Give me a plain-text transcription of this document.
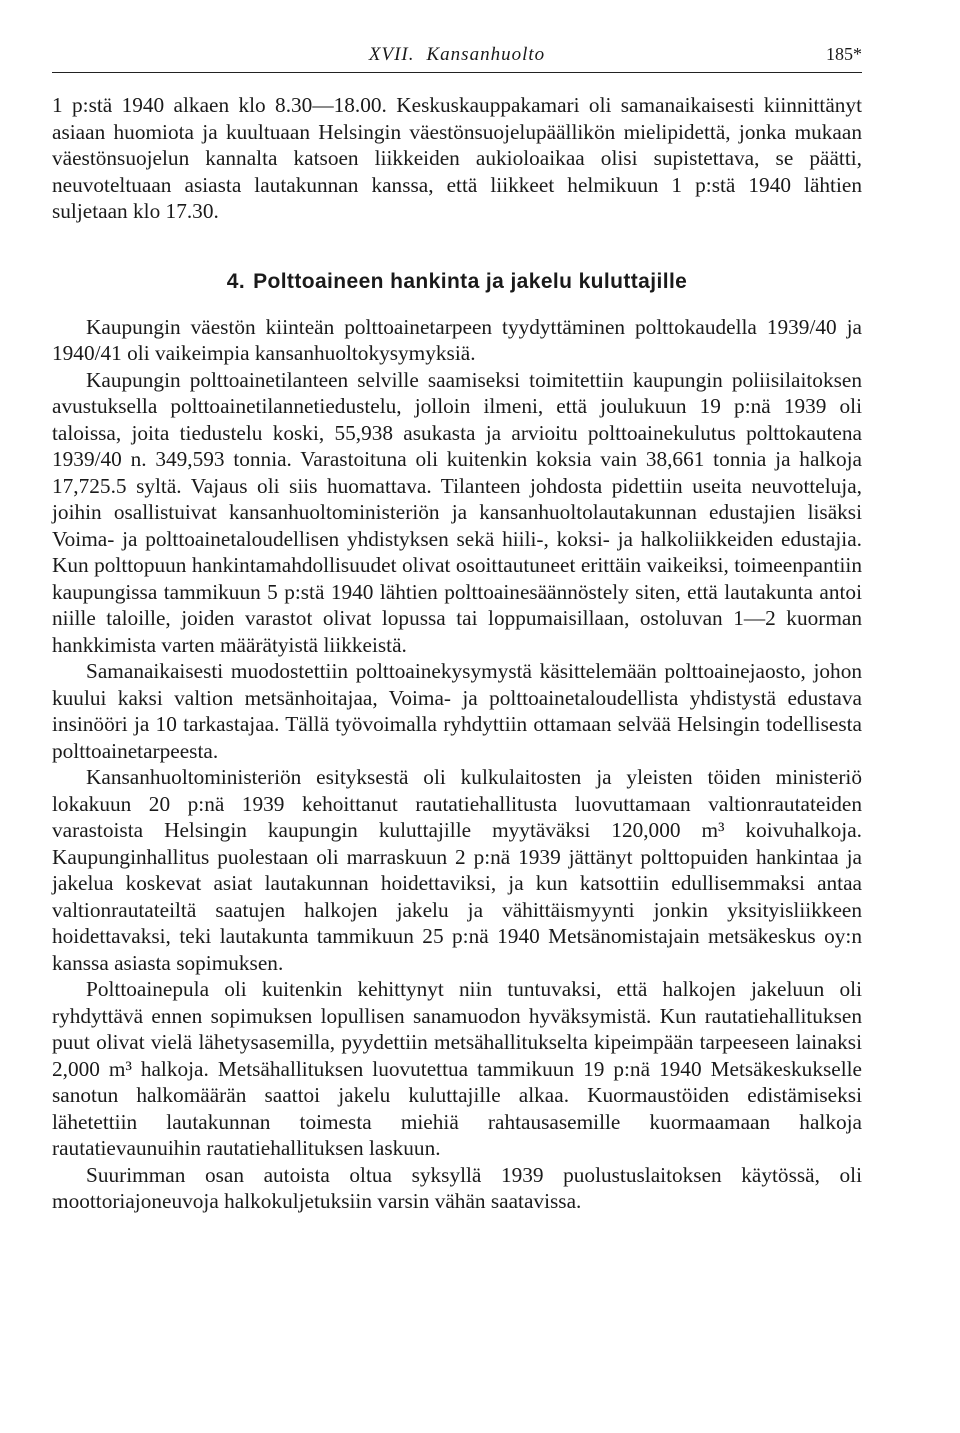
XVII. Kansanhuolto	185*

1 p:stä 1940 alkaen klo 8.30—18.00. Keskuskauppakamari oli samanaikaisesti kiinnittänyt asiaan huomiota ja kuultuaan Helsingin väestönsuojelupäällikön mielipidettä, jonka mukaan väestönsuojelun kannalta katsoen liikkeiden aukioloaikaa olisi supistettava, se päätti, neuvoteltuaan asiasta lautakunnan kanssa, että liikkeet helmikuun 1 p:stä 1940 lähtien suljetaan klo 17.30.

4. Polttoaineen hankinta ja jakelu kuluttajille

Kaupungin väestön kiinteän polttoainetarpeen tyydyttäminen polttokaudella 1939/40 ja 1940/41 oli vaikeimpia kansanhuoltokysymyksiä.

Kaupungin polttoainetilanteen selville saamiseksi toimitettiin kaupungin poliisilaitoksen avustuksella polttoainetilannetiedustelu, jolloin ilmeni, että joulukuun 19 p:nä 1939 oli taloissa, joita tiedustelu koski, 55,938 asukasta ja arvioitu polttoainekulutus polttokautena 1939/40 n. 349,593 tonnia. Varastoituna oli kuitenkin koksia vain 38,661 tonnia ja halkoja 17,725.5 syltä. Vajaus oli siis huomattava. Tilanteen johdosta pidettiin useita neuvotteluja, joihin osallistuivat kansanhuoltoministeriön ja kansanhuoltolautakunnan edustajien lisäksi Voima- ja polttoainetaloudellisen yhdistyksen sekä hiili-, koksi- ja halkoliikkeiden edustajia. Kun polttopuun hankintamahdollisuudet olivat osoittautuneet erittäin vaikeiksi, toimeenpantiin kaupungissa tammikuun 5 p:stä 1940 lähtien polttoainesäännöstely siten, että lautakunta antoi niille taloille, joiden varastot olivat lopussa tai loppumaisillaan, ostoluvan 1—2 kuorman hankkimista varten määrätyistä liikkeistä.

Samanaikaisesti muodostettiin polttoainekysymystä käsittelemään polttoainejaosto, johon kuului kaksi valtion metsänhoitajaa, Voima- ja polttoainetaloudellista yhdistystä edustava insinööri ja 10 tarkastajaa. Tällä työvoimalla ryhdyttiin ottamaan selvää Helsingin todellisesta polttoainetarpeesta.

Kansanhuoltoministeriön esityksestä oli kulkulaitosten ja yleisten töiden ministeriö lokakuun 20 p:nä 1939 kehoittanut rautatiehallitusta luovuttamaan valtionrautateiden varastoista Helsingin kaupungin kuluttajille myytäväksi 120,000 m³ koivuhalkoja. Kaupunginhallitus puolestaan oli marraskuun 2 p:nä 1939 jättänyt polttopuiden hankintaa ja jakelua koskevat asiat lautakunnan hoidettaviksi, ja kun katsottiin edullisemmaksi antaa valtionrautateiltä saatujen halkojen jakelu ja vähittäismyynti jonkin yksityisliikkeen hoidettavaksi, teki lautakunta tammikuun 25 p:nä 1940 Metsänomistajain metsäkeskus oy:n kanssa asiasta sopimuksen.

Polttoainepula oli kuitenkin kehittynyt niin tuntuvaksi, että halkojen jakeluun oli ryhdyttävä ennen sopimuksen lopullisen sanamuodon hyväksymistä. Kun rautatiehallituksen puut olivat vielä lähetysasemilla, pyydettiin metsähallitukselta kipeimpään tarpeeseen lainaksi 2,000 m³ halkoja. Metsähallituksen luovutettua tammikuun 19 p:nä 1940 Metsäkeskukselle sanotun halkomäärän saattoi jakelu kuluttajille alkaa. Kuormaustöiden edistämiseksi lähetettiin lautakunnan toimesta miehiä rahtausasemille kuormaamaan halkoja rautatievaunuihin rautatiehallituksen laskuun.

Suurimman osan autoista oltua syksyllä 1939 puolustuslaitoksen käytössä, oli moottoriajoneuvoja halkokuljetuksiin varsin vähän saatavissa.
